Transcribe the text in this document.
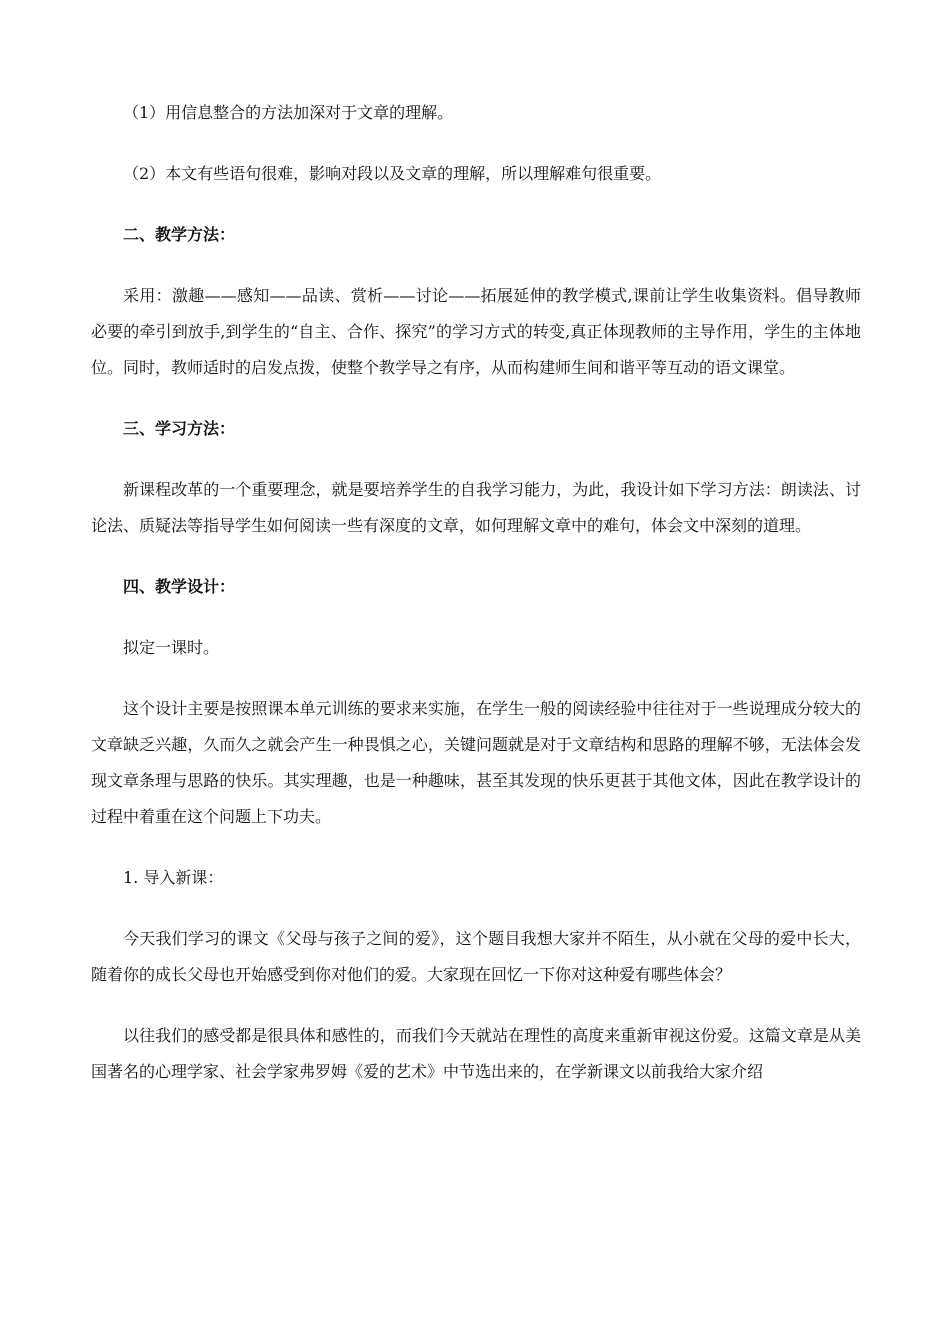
（1）用信息整合的方法加深对于文章的理解。

（2）本文有些语句很难，影响对段以及文章的理解，所以理解难句很重要。

二、教学方法：

采用：激趣——感知——品读、赏析——讨论——拓展延伸的教学模式,课前让学生收集资料。倡导教师必要的牵引到放手,到学生的“自主、合作、探究”的学习方式的转变,真正体现教师的主导作用，学生的主体地位。同时，教师适时的启发点拨，使整个教学导之有序，从而构建师生间和谐平等互动的语文课堂。

三、学习方法：

新课程改革的一个重要理念，就是要培养学生的自我学习能力，为此，我设计如下学习方法：朗读法、讨论法、质疑法等指导学生如何阅读一些有深度的文章，如何理解文章中的难句，体会文中深刻的道理。

四、教学设计：

拟定一课时。

这个设计主要是按照课本单元训练的要求来实施，在学生一般的阅读经验中往往对于一些说理成分较大的文章缺乏兴趣，久而久之就会产生一种畏惧之心，关键问题就是对于文章结构和思路的理解不够，无法体会发现文章条理与思路的快乐。其实理趣，也是一种趣味，甚至其发现的快乐更甚于其他文体，因此在教学设计的过程中着重在这个问题上下功夫。

1. 导入新课：

今天我们学习的课文《父母与孩子之间的爱》，这个题目我想大家并不陌生，从小就在父母的爱中长大，随着你的成长父母也开始感受到你对他们的爱。大家现在回忆一下你对这种爱有哪些体会？

以往我们的感受都是很具体和感性的，而我们今天就站在理性的高度来重新审视这份爱。这篇文章是从美国著名的心理学家、社会学家弗罗姆《爱的艺术》中节选出来的，在学新课文以前我给大家介绍
